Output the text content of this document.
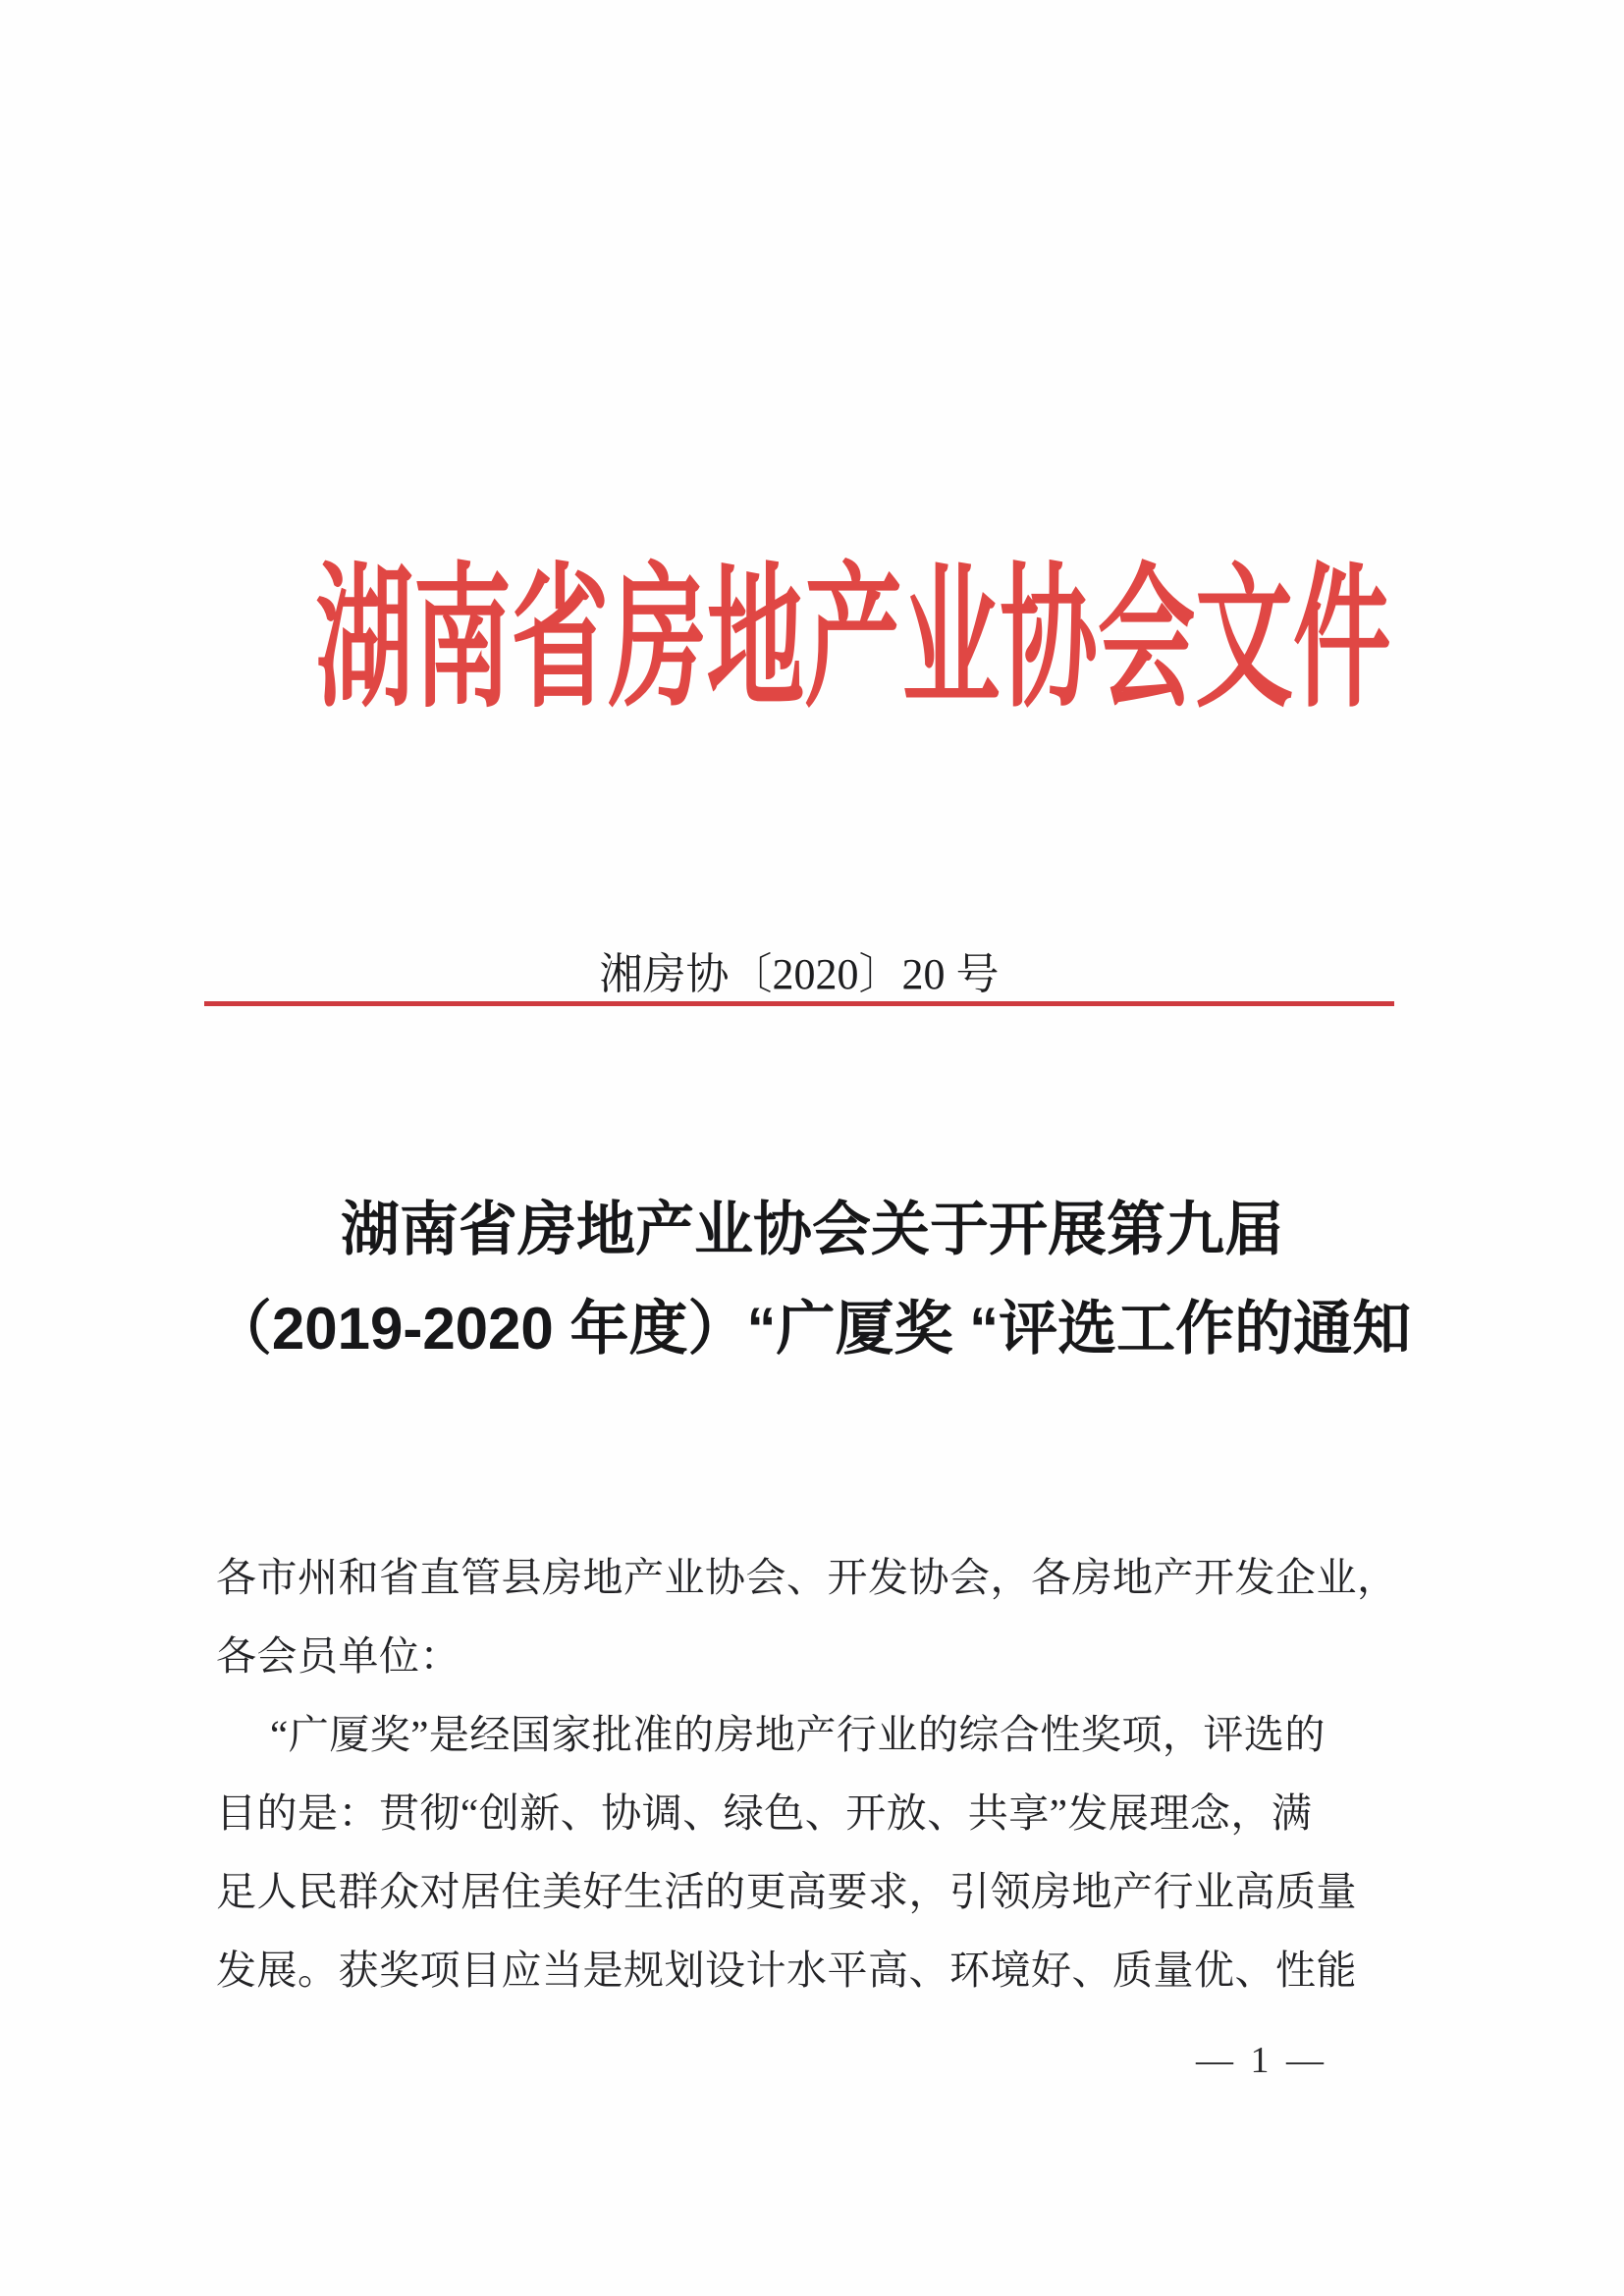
湖南省房地产业协会文件
湘房协〔2020〕20 号
湖南省房地产业协会关于开展第九届
（2019-2020 年度）“广厦奖 “评选工作的通知
各市州和省直管县房地产业协会、开发协会，各房地产开发企业，
各会员单位：
“广厦奖”是经国家批准的房地产行业的综合性奖项，评选的
目的是：贯彻“创新、协调、绿色、开放、共享”发展理念，满
足人民群众对居住美好生活的更高要求，引领房地产行业高质量
发展。获奖项目应当是规划设计水平高、环境好、质量优、性能
— 1 —
